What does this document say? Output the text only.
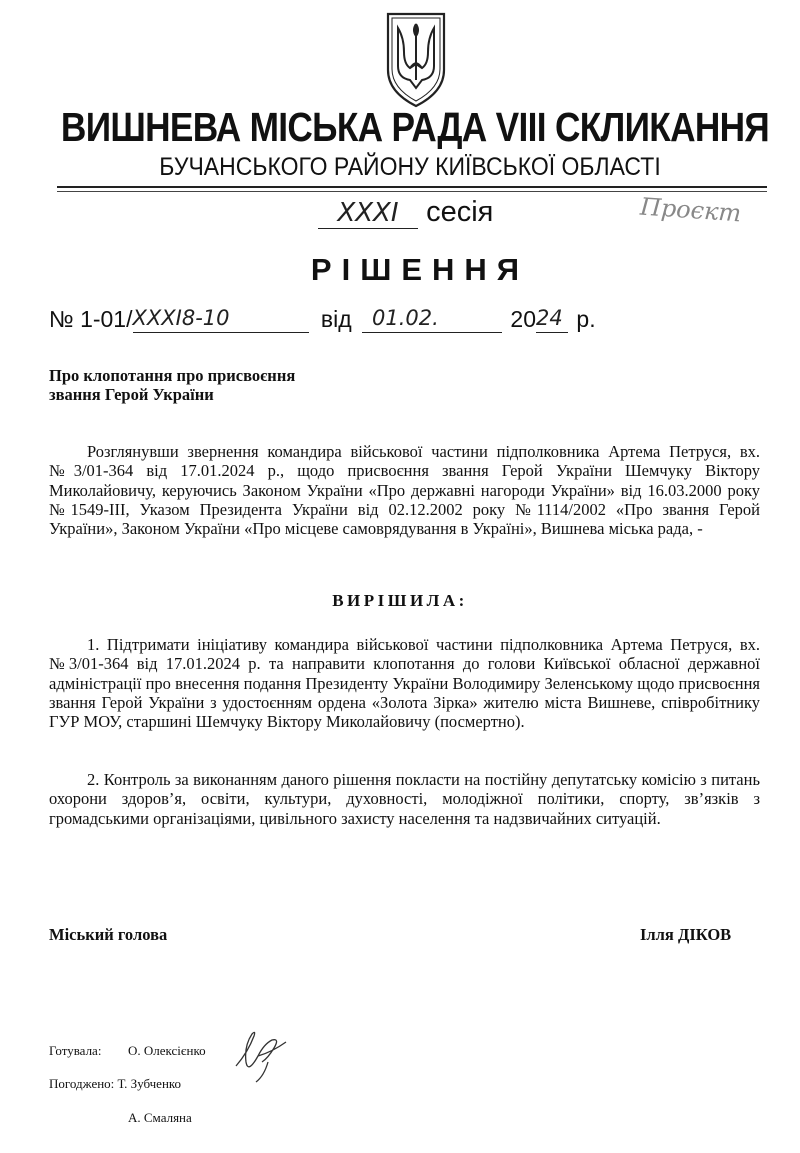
ВИШНЕВА МІСЬКА РАДА VIII СКЛИКАННЯ
БУЧАНСЬКОГО РАЙОНУ КИЇВСЬКОЇ ОБЛАСТІ
XXXI сесія	Проєкт
РІШЕННЯ
№ 1-01/XXXI8-10	від 01.02.	2024 р.
Про клопотання про присвоєння
звання Герой України
Розглянувши звернення командира військової частини підполковника Артема Петруся, вх. №3/01-364 від 17.01.2024 р., щодо присвоєння звання Герой України Шемчуку Віктору Миколайовичу, керуючись Законом України «Про державні нагороди України» від 16.03.2000 року №1549-ІІІ, Указом Президента України від 02.12.2002 року №1114/2002 «Про звання Герой України», Законом України «Про місцеве самоврядування в Україні», Вишнева міська рада, -
ВИРІШИЛА:
1. Підтримати ініціативу командира військової частини підполковника Артема Петруся, вх. №3/01-364 від 17.01.2024 р. та направити клопотання до голови Київської обласної державної адміністрації про внесення подання Президенту України Володимиру Зеленському щодо присвоєння звання Герой України з удостоєнням ордена «Золота Зірка» жителю міста Вишневе, співробітнику ГУР МОУ, старшині Шемчуку Віктору Миколайовичу (посмертно).
2. Контроль за виконанням даного рішення покласти на постійну депутатську комісію з питань охорони здоров’я, освіти, культури, духовності, молодіжної політики, спорту, зв’язків з громадськими організаціями, цивільного захисту населення та надзвичайних ситуацій.
Міський голова	Ілля ДІКОВ
Готувала: О. Олексієнко
Погоджено: Т. Зубченко
А. Смаляна
